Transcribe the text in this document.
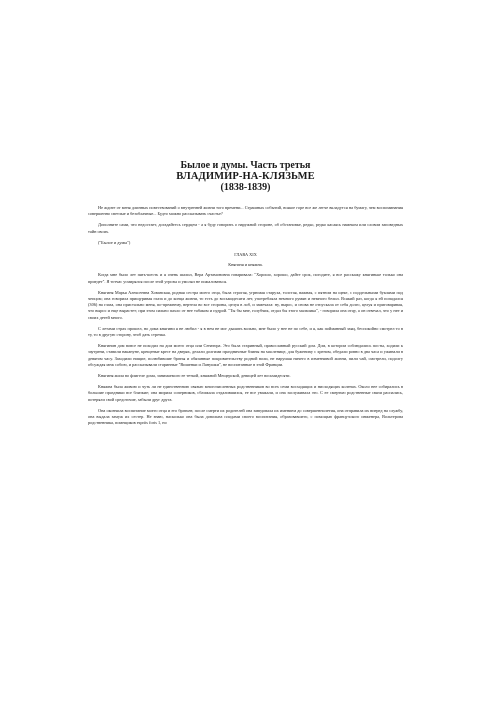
Былое и думы. Часть третья
ВЛАДИМИР-НА-КЛЯЗЬМЕ
(1838-1839)

Не ждите от меня длинных повествований о внутренней жизни того времени... Страшных событий, всякое горе все же легче вкладутся на бумагу, чем воспоминания совершенно светлые и безоблачные... Будто можно рассказывать счастье?

Дополните сами, что недостает, догадайтесь сердцем - а я буду говорить о наружной стороне, об обстановке, редко, редко касаясь намеком или словом заповедных тайн своих.

("Былое и думы")

ГЛАВА XIX

Княгиня и княжна.

Когда мне было лет пять-шесть и я очень шалил, Вера Артамоновна говаривала: "Хорошо, хорошо, дайте срок, погодите, я все расскажу княгиньке только она приедет". Я тотчас усмирялся после этой угрозы и умолял не пожаловаться.

Княгиня Марья Алексеевна Хованская, родная сестра моего отца, была строгая, угрюмая старуха, толстая, важная, с пятном на щеке, с поддельными буклями под чепцом; она говорила прищуривая глаза и до конца жизни, то есть до восьмидесяти лет, употребляла немного румян и немного белил. Всякий раз, когда я ей попадался (306) на глаза, она пристально меня, по-прежнему, вертела во все стороны, целуя в лоб, и замечала: ну, вырос, и снова не отпускала от себя долго, целуя и приговаривая, что вырос и еще вырастет; при этом сильно пахло от нее табаком и пудрой. "Ты бы мне, голубчик, отдал бы этого мальчика", - говорила она отцу, а он отвечал, что у нее и своих детей много.

С летами страх прошел, но дома княгини я не любил - я в нем не мог дышать вольно, мне было у нее не по себе, и я, как пойманный заяц, беспокойно смотрел то в ту, то в другую сторону, чтоб дать стречка.

Княгинин дом вовсе не походил на дом моего отца или Сенатора. Это была старинный, православный русский дом. Дом, в котором соблюдались посты, ходили к заутрени, ставили накануне, крещеные крест на дверях, делали долгими праздничные блины на масленице, для бужениny с хреном, обедали ровно в два часа и ужинали в девятом часу. Заходили нищие, полюбившие братья и обязанные покровительству родной воли, не нарушая ничего в изменчивой жизни, пили чай, смотрели, подолгу обсуждая меж собою, и рассказывали старинные "Вишенки и Ланушки", не воспитанные в этой Франции.

Княгиня жила во флигеле дома, занимаемого ее теткой, княжной Мещерской, девицей лет восьмидесяти.

Княжна была живою и чуть ли не единственною связью многочисленных родственников во всех семи восходящих и нисходящих коленах. Около нее собирались в большие праздники все близкие; она мирила соперников, сближала отдалившихся, ее все уважали, и она заслуживала это. С ее смертью родственные связи распались, потеряли свой средоточие, забыли друг друга.

Она окончила воспитание моего отца и его братьев; после смерти их родителей она заведовала их имением до совершеннолетия, она отправила их вперед на службу, она выдала замуж их сестер. Не знаю, насколько она была довольна плодами своего воспитания, образовавшего, с помощью французского инженера, Вольтерова родственника, помещиков esprits forts 1, но
